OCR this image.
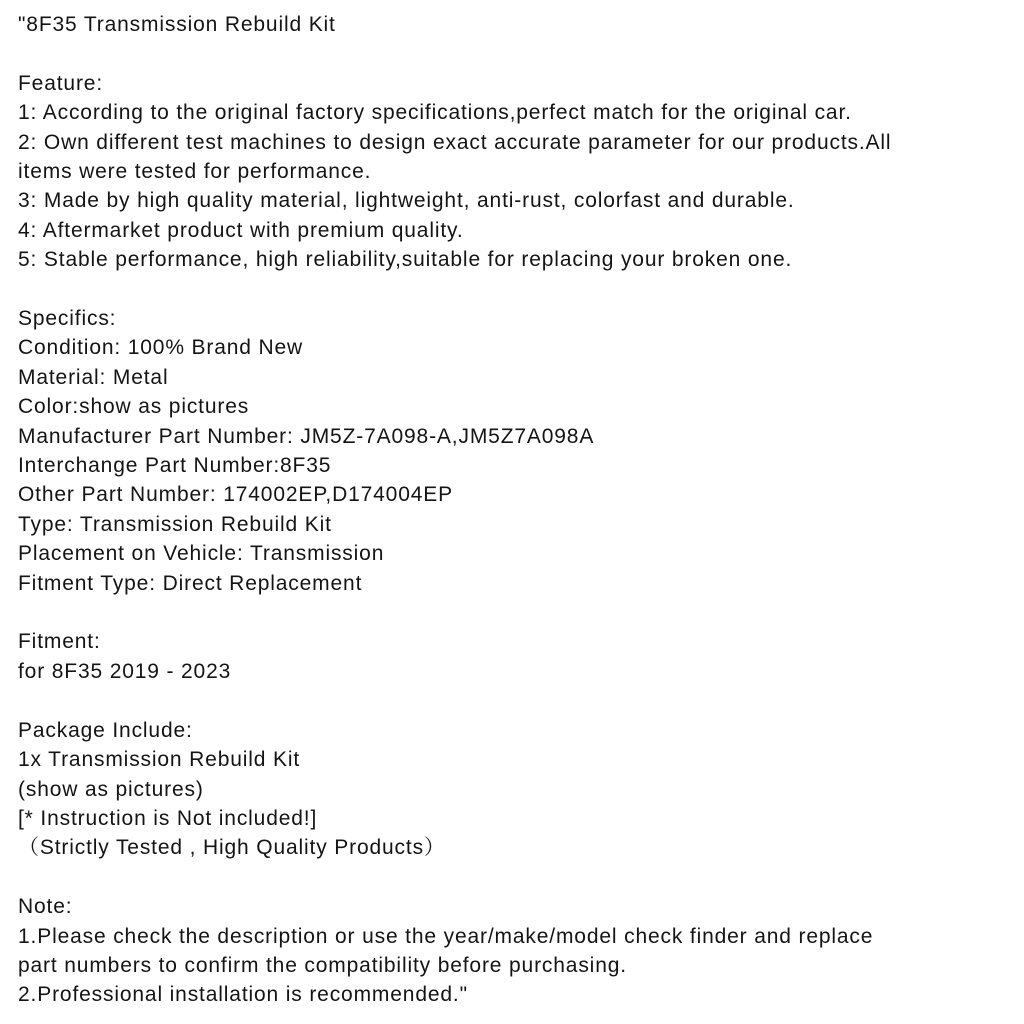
"8F35 Transmission Rebuild Kit
Feature:
1: According to the original factory specifications,perfect match for the original car.
2: Own different test machines to design exact accurate parameter for our products.All
items were tested for performance.
3: Made by high quality material, lightweight, anti-rust, colorfast and durable.
4: Aftermarket product with premium quality.
5: Stable performance, high reliability,suitable for replacing your broken one.
Specifics:
Condition: 100% Brand New
Material: Metal
Color:show as pictures
Manufacturer Part Number: JM5Z-7A098-A,JM5Z7A098A
Interchange Part Number:8F35
Other Part Number: 174002EP,D174004EP
Type: Transmission Rebuild Kit
Placement on Vehicle: Transmission
Fitment Type: Direct Replacement
Fitment:
for 8F35 2019 - 2023
Package Include:
1x Transmission Rebuild Kit
(show as pictures)
[* Instruction is Not included!]
（Strictly Tested , High Quality Products）
Note:
1.Please check the description or use the year/make/model check finder and replace
part numbers to confirm the compatibility before purchasing.
2.Professional installation is recommended."
